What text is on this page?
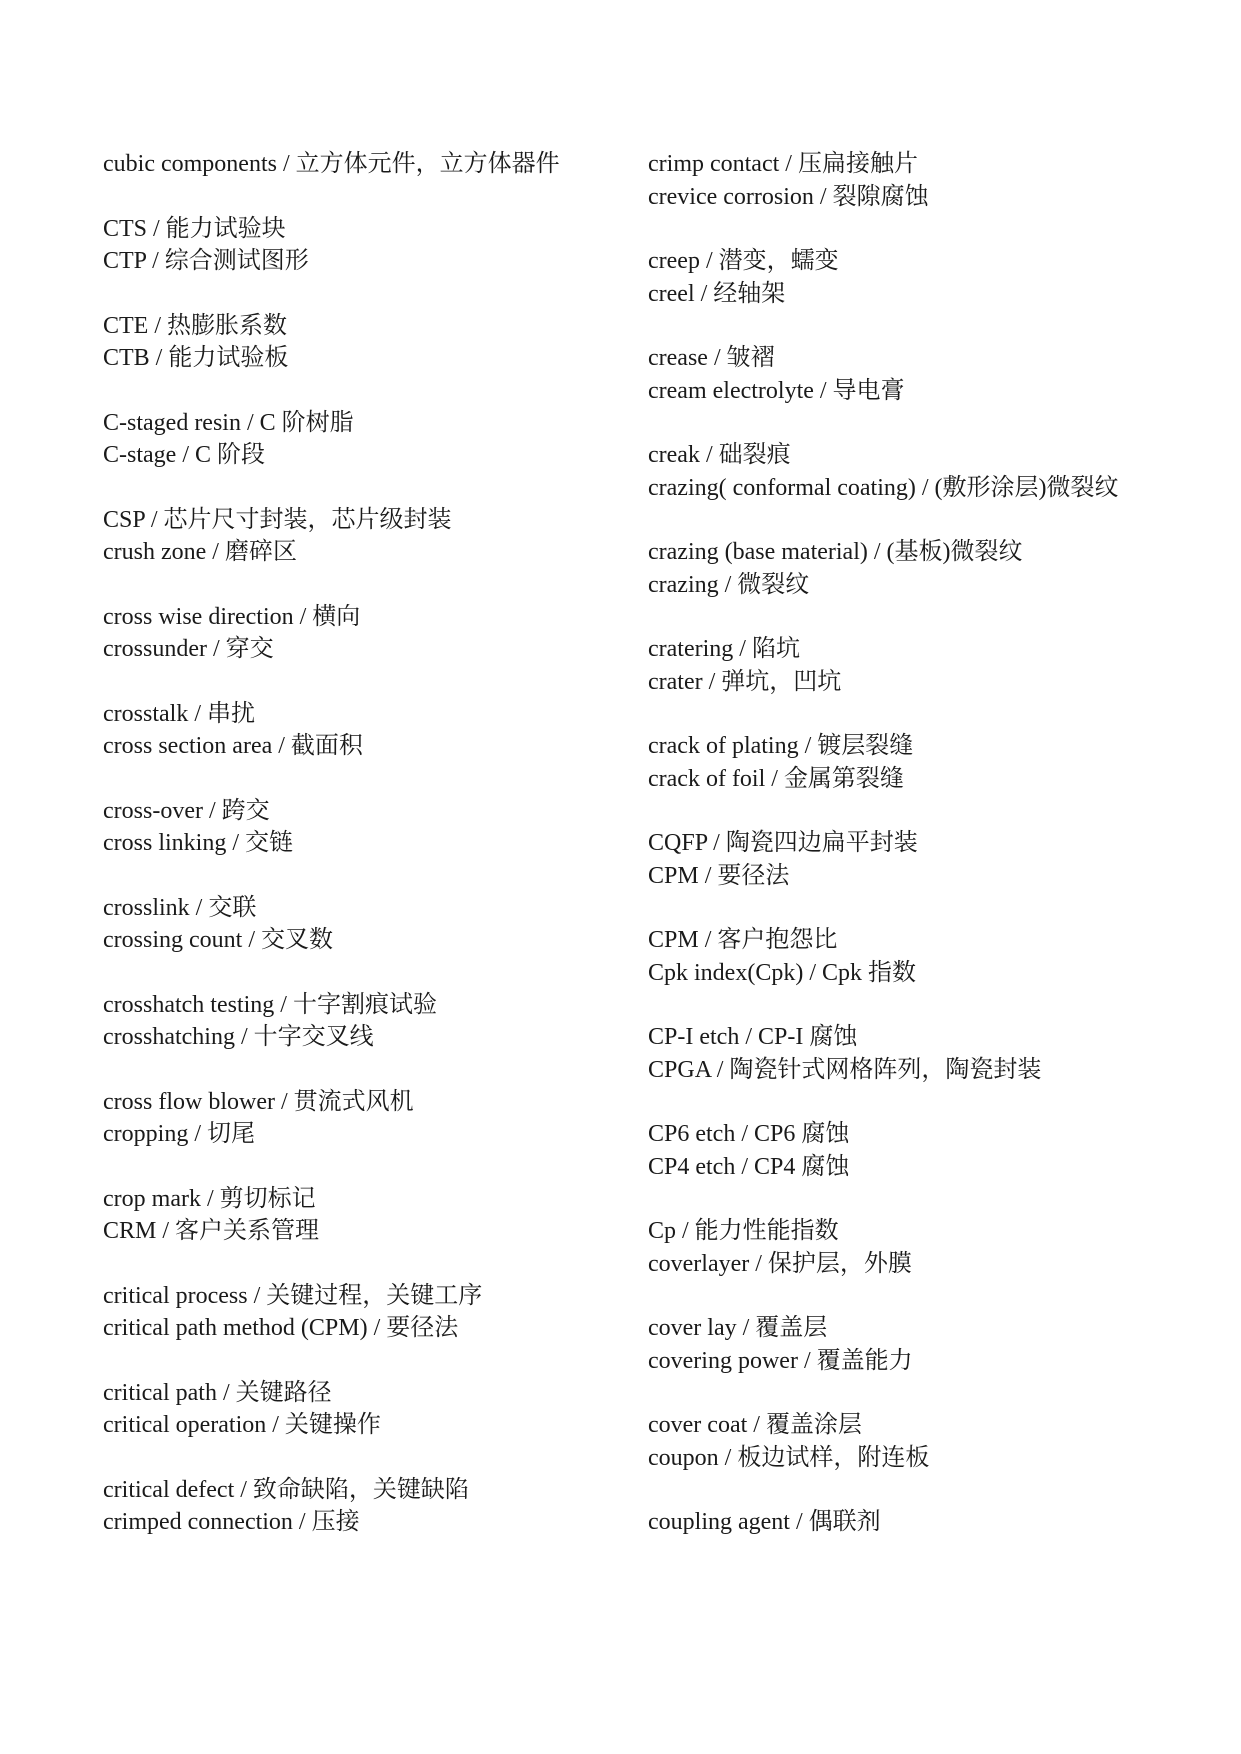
cubic components / 立方体元件，立方体器件
CTS / 能力试验块
CTP / 综合测试图形
CTE / 热膨胀系数
CTB / 能力试验板
C-staged resin / C 阶树脂
C-stage / C 阶段
CSP / 芯片尺寸封装，芯片级封装
crush zone / 磨碎区
cross wise direction / 横向
crossunder / 穿交
crosstalk / 串扰
cross section area / 截面积
cross-over / 跨交
cross linking / 交链
crosslink / 交联
crossing count / 交叉数
crosshatch testing / 十字割痕试验
crosshatching / 十字交叉线
cross flow blower / 贯流式风机
cropping / 切尾
crop mark / 剪切标记
CRM / 客户关系管理
critical process / 关键过程，关键工序
critical path method (CPM) / 要径法
critical path / 关键路径
critical operation / 关键操作
critical defect / 致命缺陷，关键缺陷
crimped connection / 压接
crimp contact / 压扁接触片
crevice corrosion / 裂隙腐蚀
creep / 潜变，蠕变
creel / 经轴架
crease / 皱褶
cream electrolyte / 导电膏
creak / 础裂痕
crazing( conformal coating) / (敷形涂层)微裂纹
crazing (base material) / (基板)微裂纹
crazing / 微裂纹
cratering / 陷坑
crater / 弹坑，凹坑
crack of plating / 镀层裂缝
crack of foil / 金属第裂缝
CQFP / 陶瓷四边扁平封装
CPM / 要径法
CPM / 客户抱怨比
Cpk index(Cpk) / Cpk 指数
CP-I etch / CP-I 腐蚀
CPGA / 陶瓷针式网格阵列，陶瓷封装
CP6 etch / CP6 腐蚀
CP4 etch / CP4 腐蚀
Cp / 能力性能指数
coverlayer / 保护层，外膜
cover lay / 覆盖层
covering power / 覆盖能力
cover coat / 覆盖涂层
coupon / 板边试样，附连板
coupling agent / 偶联剂
